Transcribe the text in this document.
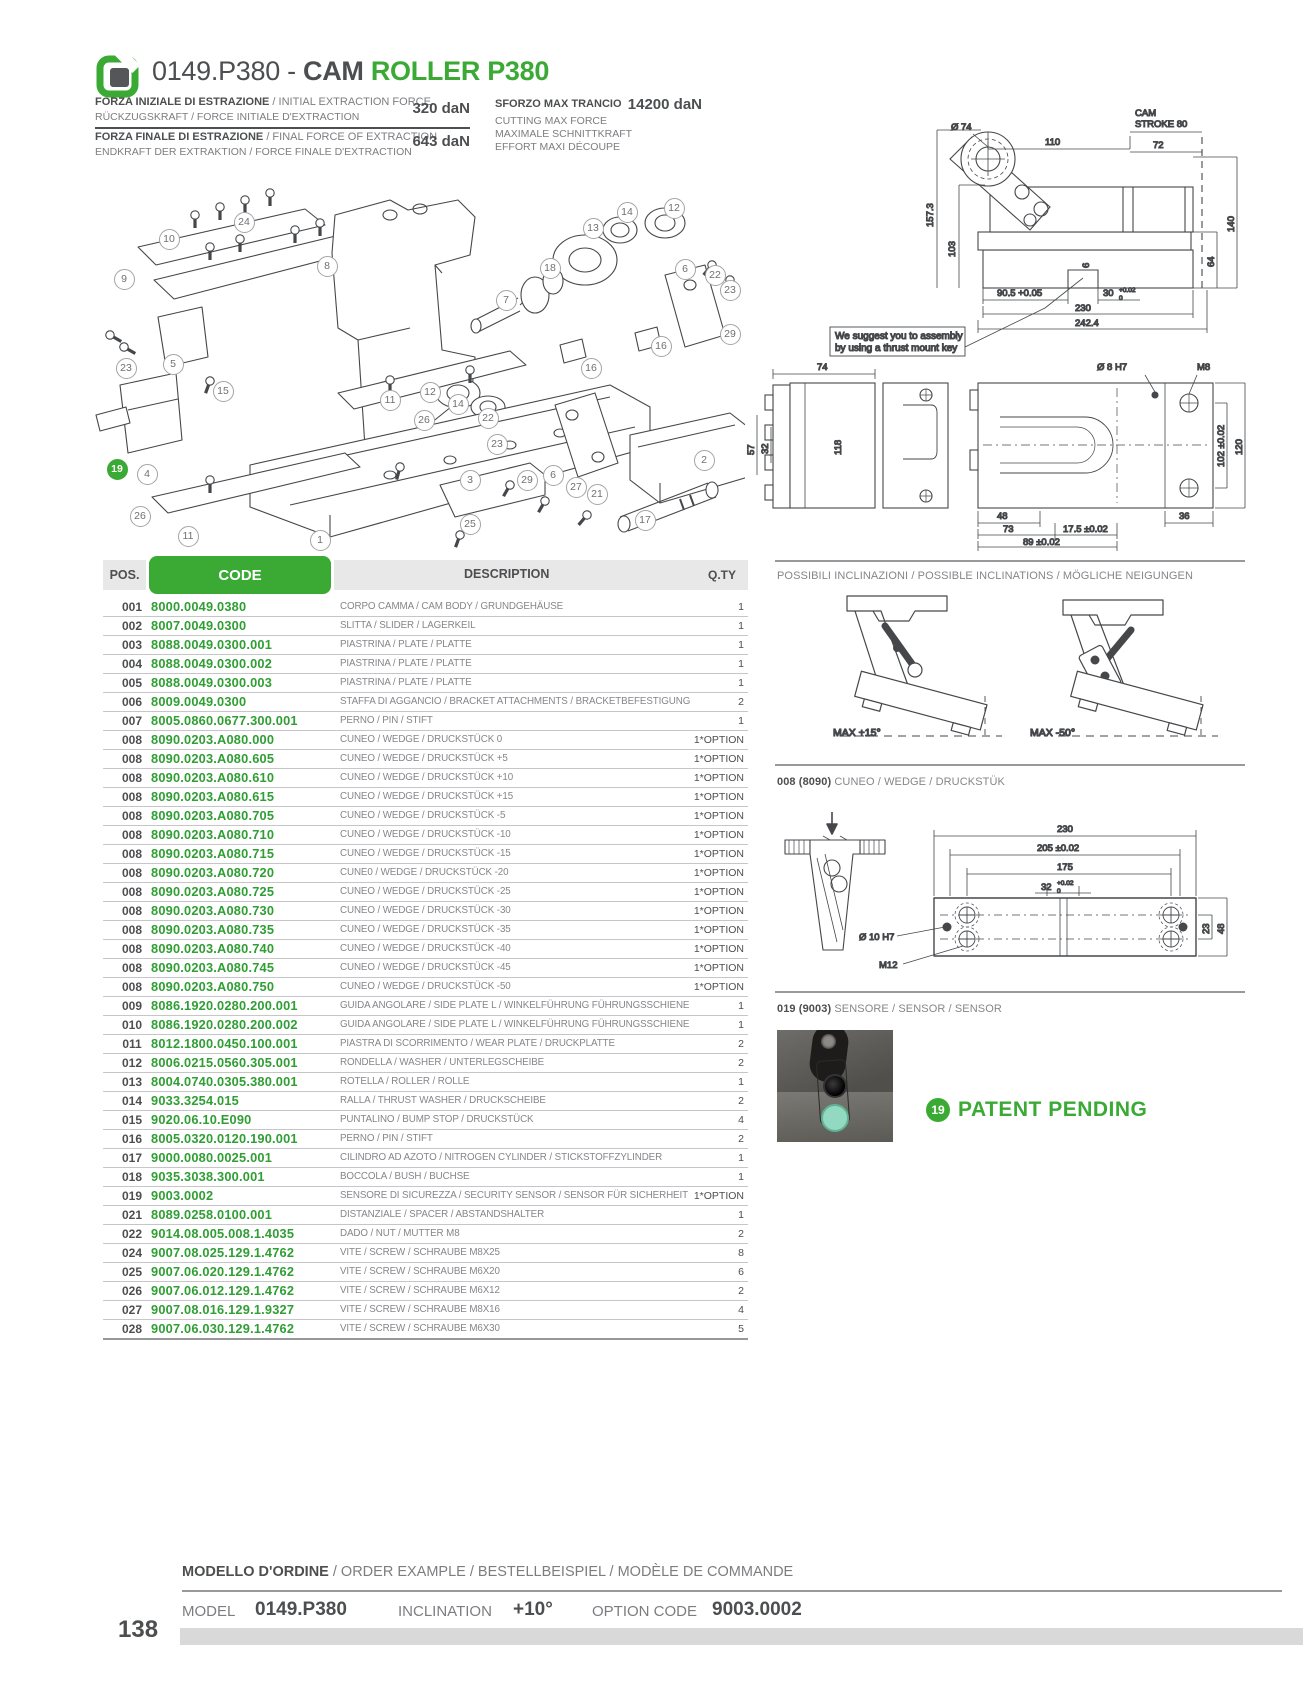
0149.P380 - CAM ROLLER P380
FORZA INIZIALE DI ESTRAZIONE / INITIAL EXTRACTION FORCE
RÜCKZUGSKRAFT / FORCE INITIALE D'EXTRACTION	320 daN
FORZA FINALE DI ESTRAZIONE / FINAL FORCE OF EXTRACTION
ENDKRAFT DER EXTRAKTION / FORCE FINALE D'EXTRACTION
643 daN
SFORZO MAX TRANCIO 14200 daN
CUTTING MAX FORCE
MAXIMALE SCHNITTKRAFT
EFFORT MAXI DÉCOUPE
Ø 74
110
CAM
STROKE 80
72
157.3
103
140
64
6
90.5 +0.05	30 +0.02
0
230
242.4
We suggest you to assembly
by using a thrust mount key
74
57 32	118
Ø 8 H7	M8
102 ±0.02 120
48	36
73	17.5 ±0.02
89 ±0.02
POS.	CODE	DESCRIPTION	Q.TY
001 8000.0049.0380	CORPO CAMMA / CAM BODY / GRUNDGEHÄUSE	1
002 8007.0049.0300	SLITTA / SLIDER / LAGERKEIL	1
003 8088.0049.0300.001	PIASTRINA / PLATE / PLATTE	1
004 8088.0049.0300.002	PIASTRINA / PLATE / PLATTE	1
005 8088.0049.0300.003	PIASTRINA / PLATE / PLATTE	1
006 8009.0049.0300	STAFFA DI AGGANCIO / BRACKET ATTACHMENTS / BRACKETBEFESTIGUNG	2
007 8005.0860.0677.300.001	PERNO / PIN / STIFT	1
008 8090.0203.A080.000	CUNEO / WEDGE / DRUCKSTÜCK 0	1*OPTION
008 8090.0203.A080.605	CUNEO / WEDGE / DRUCKSTÜCK +5	1*OPTION
008 8090.0203.A080.610	CUNEO / WEDGE / DRUCKSTÜCK +10	1*OPTION
008 8090.0203.A080.615	CUNEO / WEDGE / DRUCKSTÜCK +15	1*OPTION
008 8090.0203.A080.705	CUNEO / WEDGE / DRUCKSTÜCK -5	1*OPTION
008 8090.0203.A080.710	CUNEO / WEDGE / DRUCKSTÜCK -10	1*OPTION
008 8090.0203.A080.715	CUNEO / WEDGE / DRUCKSTÜCK -15	1*OPTION
008 8090.0203.A080.720	CUNE0 / WEDGE / DRUCKSTÜCK -20	1*OPTION
008 8090.0203.A080.725	CUNEO / WEDGE / DRUCKSTÜCK -25	1*OPTION
008 8090.0203.A080.730	CUNEO / WEDGE / DRUCKSTÜCK -30	1*OPTION
008 8090.0203.A080.735	CUNEO / WEDGE / DRUCKSTÜCK -35	1*OPTION
008 8090.0203.A080.740	CUNEO / WEDGE / DRUCKSTÜCK -40	1*OPTION
008 8090.0203.A080.745	CUNEO / WEDGE / DRUCKSTÜCK -45	1*OPTION
008 8090.0203.A080.750	CUNEO / WEDGE / DRUCKSTÜCK -50	1*OPTION
009 8086.1920.0280.200.001	GUIDA ANGOLARE / SIDE PLATE L / WINKELFÜHRUNG FÜHRUNGSSCHIENE	1
010 8086.1920.0280.200.002	GUIDA ANGOLARE / SIDE PLATE L / WINKELFÜHRUNG FÜHRUNGSSCHIENE	1
011 8012.1800.0450.100.001	PIASTRA DI SCORRIMENTO / WEAR PLATE / DRUCKPLATTE	2
012 8006.0215.0560.305.001	RONDELLA / WASHER / UNTERLEGSCHEIBE	2
013 8004.0740.0305.380.001	ROTELLA / ROLLER / ROLLE	1
014 9033.3254.015	RALLA / THRUST WASHER / DRUCKSCHEIBE	2
015 9020.06.10.E090	PUNTALINO / BUMP STOP / DRUCKSTÜCK	4
016 8005.0320.0120.190.001	PERNO / PIN / STIFT	2
017 9000.0080.0025.001	CILINDRO AD AZOTO / NITROGEN CYLINDER / STICKSTOFFZYLINDER	1
018 9035.3038.300.001	BOCCOLA / BUSH / BUCHSE	1
019 9003.0002	SENSORE DI SICUREZZA / SECURITY SENSOR / SENSOR FÜR SICHERHEIT 1*OPTION
021 8089.0258.0100.001	DISTANZIALE / SPACER / ABSTANDSHALTER	1
022 9014.08.005.008.1.4035	DADO / NUT / MUTTER M8	2
024 9007.08.025.129.1.4762	VITE / SCREW / SCHRAUBE M8X25	8
025 9007.06.020.129.1.4762	VITE / SCREW / SCHRAUBE M6X20	6
026 9007.06.012.129.1.4762	VITE / SCREW / SCHRAUBE M6X12	2
027 9007.08.016.129.1.9327	VITE / SCREW / SCHRAUBE M8X16	4
028 9007.06.030.129.1.4762	VITE / SCREW / SCHRAUBE M6X30	5
POSSIBILI INCLINAZIONI / POSSIBLE INCLINATIONS / MÖGLICHE NEIGUNGEN
MAX +15°	MAX -50°
008 (8090) CUNEO / WEDGE / DRUCKSTÜK
230
205 ±0.02
175
32 +0.02
0
Ø 10 H7
M12
23 48
019 (9003) SENSORE / SENSOR / SENSOR
19 PATENT PENDING
MODELLO D'ORDINE / ORDER EXAMPLE / BESTELLBEISPIEL / MODÈLE DE COMMANDE
MODEL 0149.P380	INCLINATION +10°	OPTION CODE 9003.0002
138
9
10
24
8
23	5
15
19	4
26
11	1
11
26
12
14
22
23
29	6
27
21
3
25
7
18
13
14	12
6	22
23
16
29
16
2
17
